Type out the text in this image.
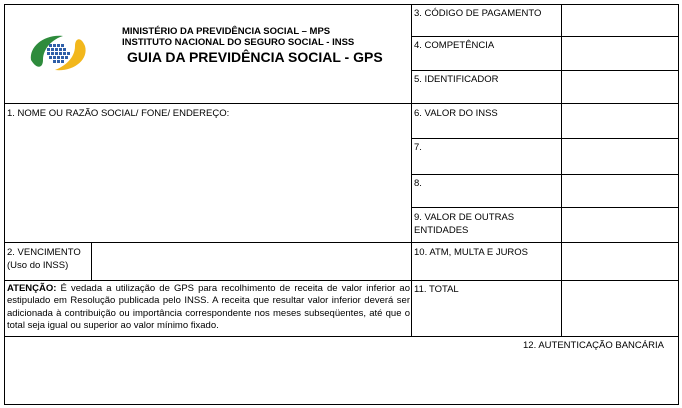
MINISTÉRIO DA PREVIDÊNCIA SOCIAL – MPS
INSTITUTO NACIONAL DO SEGURO SOCIAL - INSS
GUIA DA PREVIDÊNCIA SOCIAL - GPS
3. CÓDIGO DE PAGAMENTO
4. COMPETÊNCIA
5. IDENTIFICADOR
6. VALOR DO INSS
7.
8.
9. VALOR DE OUTRAS
ENTIDADES
10. ATM, MULTA E JUROS
11. TOTAL
1. NOME OU RAZÃO SOCIAL/ FONE/ ENDEREÇO:
2. VENCIMENTO
(Uso do INSS)
ATENÇÃO: É vedada a utilização de GPS para recolhimento de receita de valor inferior ao estipulado em Resolução publicada pelo INSS. A receita que resultar valor inferior deverá ser adicionada à contribuição ou importância correspondente nos meses subseqüentes, até que o total seja igual ou superior ao valor mínimo fixado.
12. AUTENTICAÇÃO BANCÁRIA
